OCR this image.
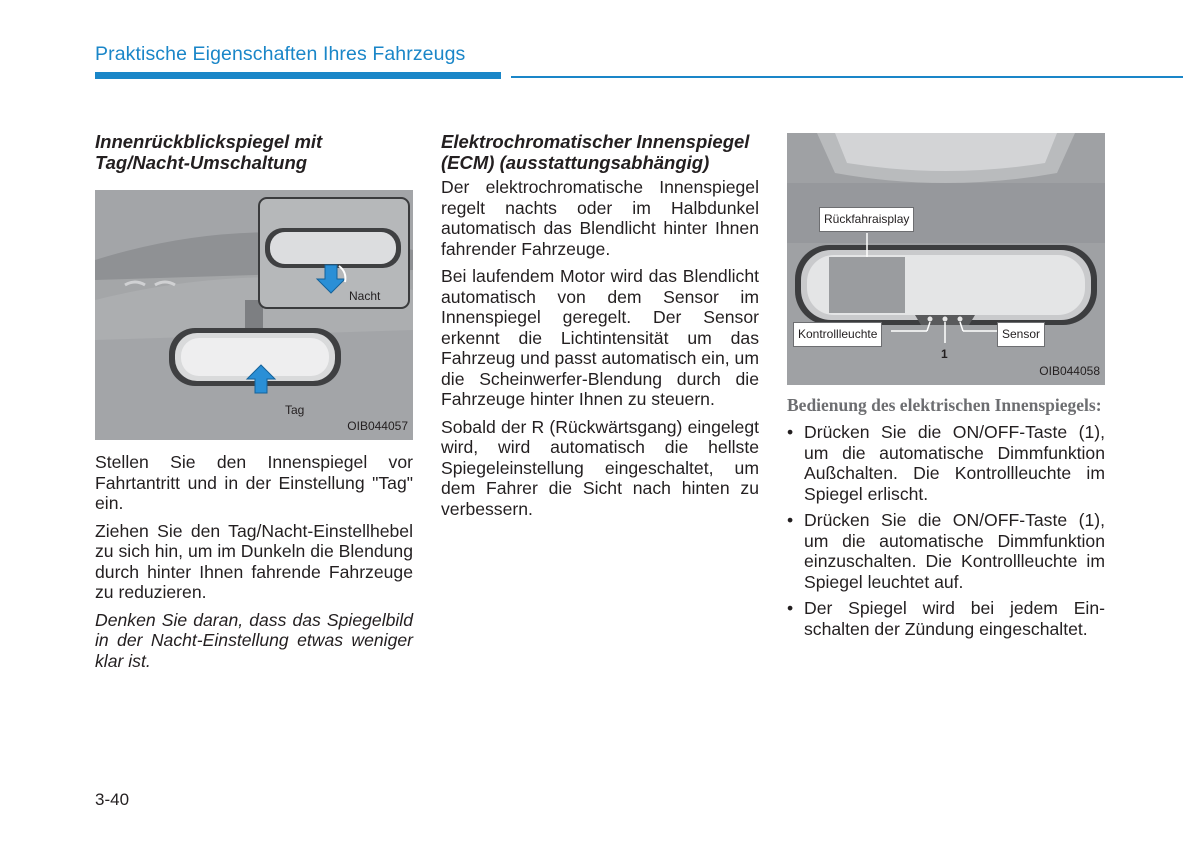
Praktische Eigenschaften Ihres Fahrzeugs
Innenrückblickspiegel mit Tag/Nacht-Umschaltung
Nacht
Tag
OIB044057

Stellen Sie den Innenspiegel vor Fahrtantritt und in der Einstellung "Tag" ein.

Ziehen Sie den Tag/Nacht-Einstellhebel zu sich hin, um im Dunkeln die Blendung durch hinter Ihnen fahrende Fahrzeuge zu reduzieren.

Denken Sie daran, dass das Spiegelbild in der Nacht-Einstellung etwas weniger klar ist.

Elektrochromatischer Innenspiegel (ECM) (ausstattungsabhängig)

Der elektrochromatische Innenspiegel regelt nachts oder im Halbdunkel automatisch das Blendlicht hinter Ihnen fahrender Fahrzeuge.

Bei laufendem Motor wird das Blendlicht automatisch von dem Sensor im Innenspiegel geregelt. Der Sensor erkennt die Lichtintensität um das Fahrzeug und passt automatisch ein, um die Scheinwerfer-Blendung durch die Fahrzeuge hinter Ihnen zu steuern.

Sobald der R (Rückwärtsgang) eingelegt wird, wird automatisch die hellste Spiegeleinstellung eingeschaltet, um dem Fahrer die Sicht nach hinten zu verbessern.

Rückfahraisplay
Kontrollleuchte	Sensor
1
OIB044058
Bedienung des elektrischen Innenspiegels:
• Drücken Sie die ON/OFF-Taste (1), um die automatische Dimmfunktion Außchalten. Die Kontrollleuchte im Spiegel erlischt.
• Drücken Sie die ON/OFF-Taste (1), um die automatische Dimmfunktion einzuschalten. Die Kontrollleuchte im Spiegel leuchtet auf.
• Der Spiegel wird bei jedem Einschalten der Zündung eingeschaltet.
3-40
